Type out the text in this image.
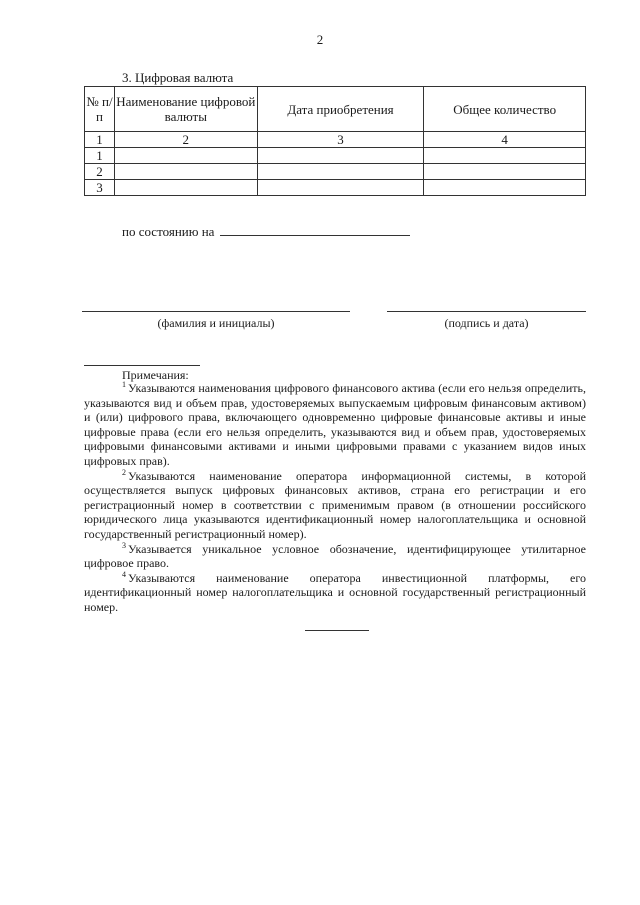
2
3. Цифровая валюта
№ п/п	Наименование цифровой валюты	Дата приобретения	Общее количество
1	2	3	4
1			
2			
3			
по состоянию на
(фамилия и инициалы)	(подпись и дата)
Примечания:

$^1$ Указываются наименования цифрового финансового актива (если его нельзя определить, указываются вид и объем прав, удостоверяемых выпускаемым цифровым финансовым активом) и (или) цифрового права, включающего одновременно цифровые финансовые активы и иные цифровые права (если его нельзя определить, указываются вид и объем прав, удостоверяемых цифровыми финансовыми активами и иными цифровыми правами с указанием видов иных цифровых прав).

$^2$ Указываются наименование оператора информационной системы, в которой осуществляется выпуск цифровых финансовых активов, страна его регистрации и его регистрационный номер в соответствии с применимым правом (в отношении российского юридического лица указываются идентификационный номер налогоплательщика и основной государственный регистрационный номер).

$^3$ Указывается уникальное условное обозначение, идентифицирующее утилитарное цифровое право.

$^4$ Указываются наименование оператора инвестиционной платформы, его идентификационный номер налогоплательщика и основной государственный регистрационный номер.
